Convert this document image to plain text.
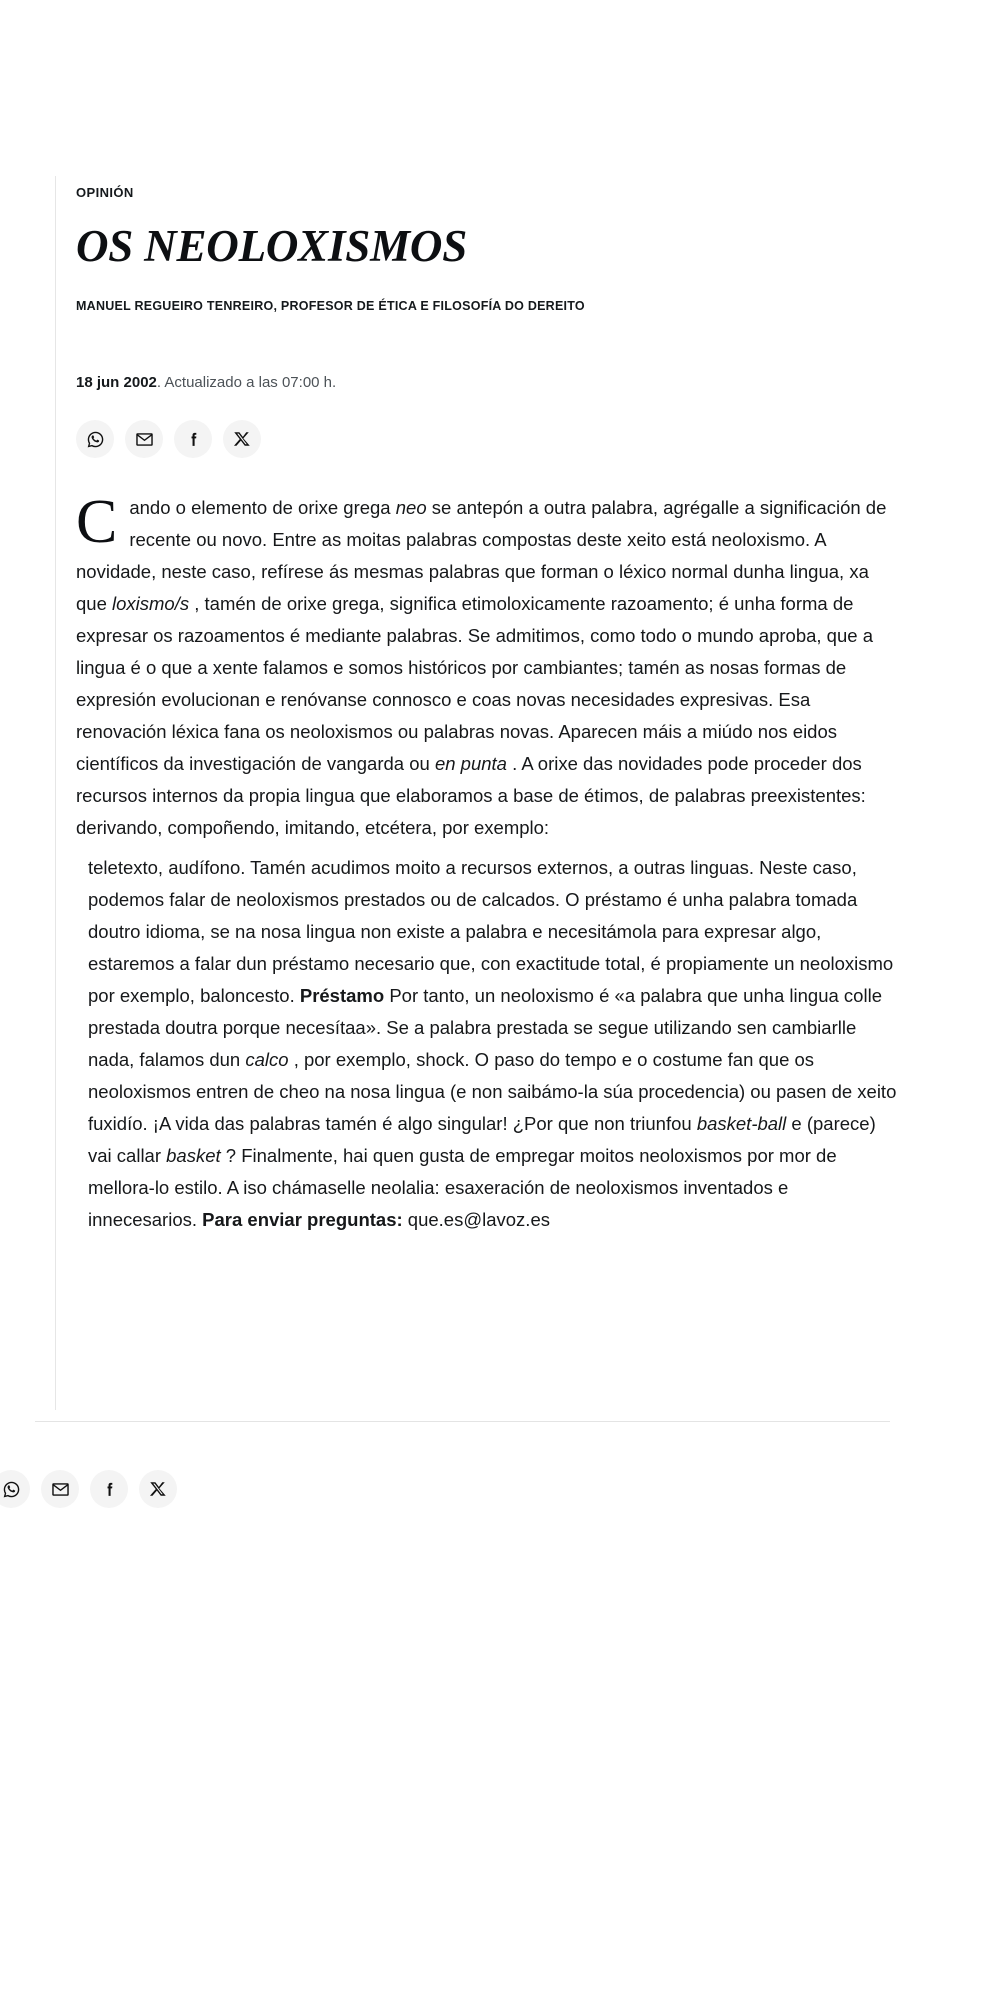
OPINIÓN
OS NEOLOXISMOS
MANUEL REGUEIRO TENREIRO, PROFESOR DE ÉTICA E FILOSOFÍA DO DEREITO
18 jun 2002. Actualizado a las 07:00 h.

Cando o elemento de orixe grega neo se antepón a outra palabra, agrégalle a significación de recente ou novo. Entre as moitas palabras compostas deste xeito está neoloxismo. A novidade, neste caso, refírese ás mesmas palabras que forman o léxico normal dunha lingua, xa que loxismo/s , tamén de orixe grega, significa etimoloxicamente razoamento; é unha forma de expresar os razoamentos é mediante palabras. Se admitimos, como todo o mundo aproba, que a lingua é o que a xente falamos e somos históricos por cambiantes; tamén as nosas formas de expresión evolucionan e renóvanse connosco e coas novas necesidades expresivas. Esa renovación léxica fana os neoloxismos ou palabras novas. Aparecen máis a miúdo nos eidos científicos da investigación de vangarda ou en punta . A orixe das novidades pode proceder dos recursos internos da propia lingua que elaboramos a base de étimos, de palabras preexistentes: derivando, compoñendo, imitando, etcétera, por exemplo:

teletexto, audífono. Tamén acudimos moito a recursos externos, a outras linguas. Neste caso, podemos falar de neoloxismos prestados ou de calcados. O préstamo é unha palabra tomada doutro idioma, se na nosa lingua non existe a palabra e necesitámola para expresar algo, estaremos a falar dun préstamo necesario que, con exactitude total, é propiamente un neoloxismo por exemplo, baloncesto. Préstamo Por tanto, un neoloxismo é «a palabra que unha lingua colle prestada doutra porque necesítaa». Se a palabra prestada se segue utilizando sen cambiarlle nada, falamos dun calco , por exemplo, shock. O paso do tempo e o costume fan que os neoloxismos entren de cheo na nosa lingua (e non saibámo-la súa procedencia) ou pasen de xeito fuxidío. ¡A vida das palabras tamén é algo singular! ¿Por que non triunfou basket-ball e (parece) vai callar basket ? Finalmente, hai quen gusta de empregar moitos neoloxismos por mor de mellora-lo estilo. A iso chámaselle neolalia: esaxeración de neoloxismos inventados e innecesarios. Para enviar preguntas: que.es@lavoz.es
